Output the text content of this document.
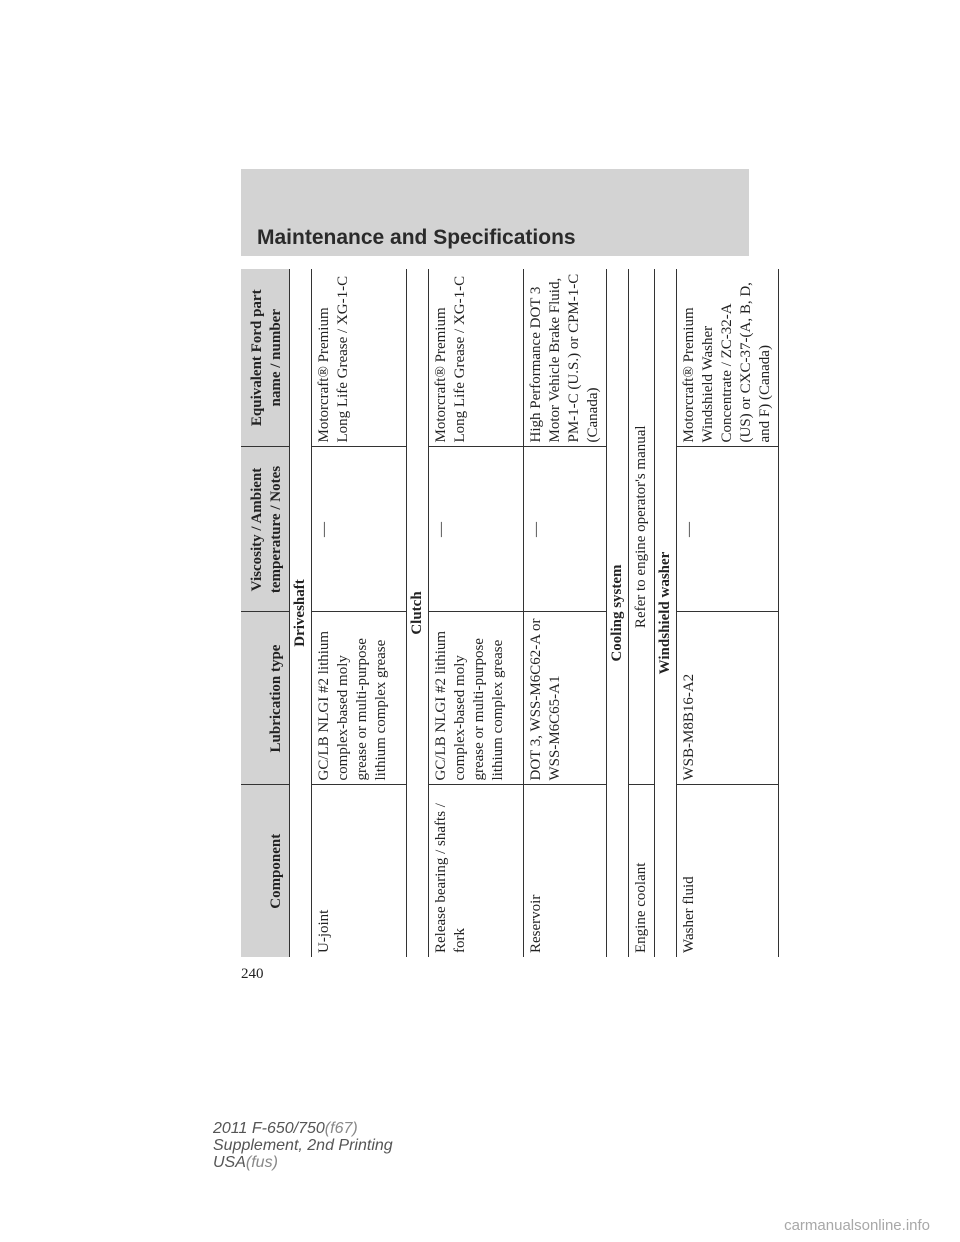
Maintenance and Specifications
Component	Lubrication type	Viscosity / Ambient temperature / Notes	Equivalent Ford part name / number
Driveshaft			
U-joint	GC/LB NLGI #2 lithium complex-based moly grease or multi-purpose lithium complex grease	—	Motorcraft® Premium Long Life Grease / XG-1-C
Clutch			
Release bearing / shafts / fork	GC/LB NLGI #2 lithium complex-based moly grease or multi-purpose lithium complex grease	—	Motorcraft® Premium Long Life Grease / XG-1-C
Reservoir	DOT 3, WSS-M6C62-A or WSS-M6C65-A1	—	High Performance DOT 3 Motor Vehicle Brake Fluid, PM-1-C (U.S.) or CPM-1-C (Canada)
Cooling system			
Engine coolant	Refer to engine operator's manual		
Windshield washer			
Washer fluid	WSB-M8B16-A2	—	Motorcraft® Premium Windshield Washer Concentrate / ZC-32-A (US) or CXC-37-(A, B, D, and F) (Canada)
240
2011 F-650/750(f67)
Supplement, 2nd Printing
USA(fus)
carmanualsonline.info
